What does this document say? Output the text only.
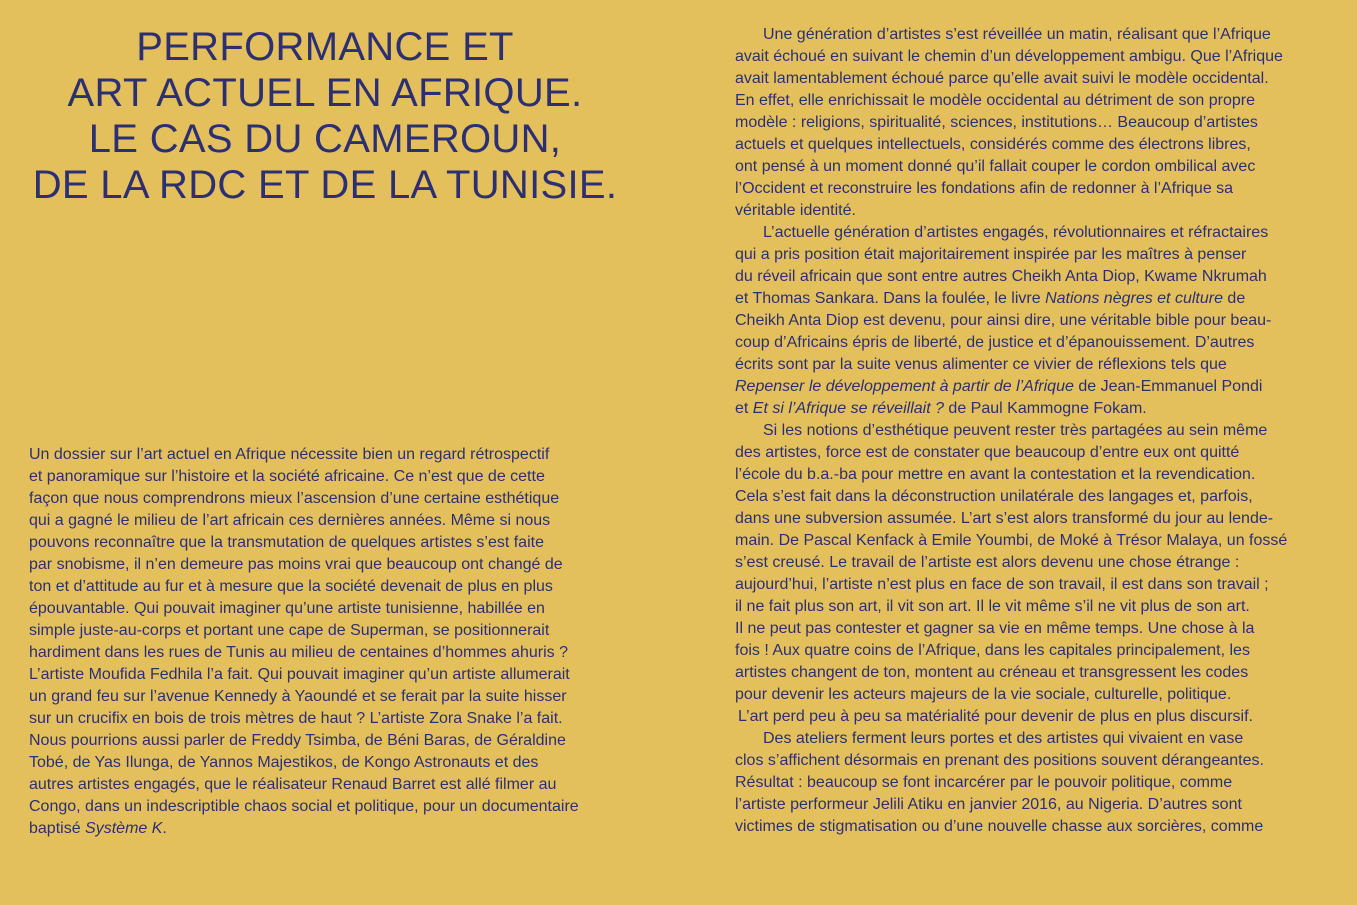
PERFORMANCE ET
ART ACTUEL EN AFRIQUE.
LE CAS DU CAMEROUN,
DE LA RDC ET DE LA TUNISIE.
Un dossier sur l’art actuel en Afrique nécessite bien un regard rétrospectif
et panoramique sur l’histoire et la société africaine. Ce n’est que de cette
façon que nous comprendrons mieux l’ascension d’une certaine esthétique
qui a gagné le milieu de l’art africain ces dernières années. Même si nous
pouvons reconnaître que la transmutation de quelques artistes s’est faite
par snobisme, il n’en demeure pas moins vrai que beaucoup ont changé de
ton et d’attitude au fur et à mesure que la société devenait de plus en plus
épouvantable. Qui pouvait imaginer qu’une artiste tunisienne, habillée en
simple juste-au-corps et portant une cape de Superman, se positionnerait
hardiment dans les rues de Tunis au milieu de centaines d’hommes ahuris ?
L’artiste Moufida Fedhila l’a fait. Qui pouvait imaginer qu’un artiste allumerait
un grand feu sur l’avenue Kennedy à Yaoundé et se ferait par la suite hisser
sur un crucifix en bois de trois mètres de haut ? L’artiste Zora Snake l’a fait.
Nous pourrions aussi parler de Freddy Tsimba, de Béni Baras, de Géraldine
Tobé, de Yas Ilunga, de Yannos Majestikos, de Kongo Astronauts et des
autres artistes engagés, que le réalisateur Renaud Barret est allé filmer au
Congo, dans un indescriptible chaos social et politique, pour un documentaire
baptisé Système K.
Une génération d’artistes s’est réveillée un matin, réalisant que l’Afrique
avait échoué en suivant le chemin d’un développement ambigu. Que l’Afrique
avait lamentablement échoué parce qu’elle avait suivi le modèle occidental.
En effet, elle enrichissait le modèle occidental au détriment de son propre
modèle : religions, spiritualité, sciences, institutions… Beaucoup d’artistes
actuels et quelques intellectuels, considérés comme des électrons libres,
ont pensé à un moment donné qu’il fallait couper le cordon ombilical avec
l’Occident et reconstruire les fondations afin de redonner à l’Afrique sa
véritable identité.
L’actuelle génération d’artistes engagés, révolutionnaires et réfractaires
qui a pris position était majoritairement inspirée par les maîtres à penser
du réveil africain que sont entre autres Cheikh Anta Diop, Kwame Nkrumah
et Thomas Sankara. Dans la foulée, le livre Nations nègres et culture de
Cheikh Anta Diop est devenu, pour ainsi dire, une véritable bible pour beau-
coup d’Africains épris de liberté, de justice et d’épanouissement. D’autres
écrits sont par la suite venus alimenter ce vivier de réflexions tels que
Repenser le développement à partir de l’Afrique de Jean-Emmanuel Pondi
et Et si l’Afrique se réveillait ? de Paul Kammogne Fokam.
Si les notions d’esthétique peuvent rester très partagées au sein même
des artistes, force est de constater que beaucoup d’entre eux ont quitté
l’école du b.a.-ba pour mettre en avant la contestation et la revendication.
Cela s’est fait dans la déconstruction unilatérale des langages et, parfois,
dans une subversion assumée. L’art s’est alors transformé du jour au lende-
main. De Pascal Kenfack à Emile Youmbi, de Moké à Trésor Malaya, un fossé
s’est creusé. Le travail de l’artiste est alors devenu une chose étrange :
aujourd’hui, l’artiste n’est plus en face de son travail, il est dans son travail ;
il ne fait plus son art, il vit son art. Il le vit même s’il ne vit plus de son art.
Il ne peut pas contester et gagner sa vie en même temps. Une chose à la
fois ! Aux quatre coins de l’Afrique, dans les capitales principalement, les
artistes changent de ton, montent au créneau et transgressent les codes
pour devenir les acteurs majeurs de la vie sociale, culturelle, politique.
L’art perd peu à peu sa matérialité pour devenir de plus en plus discursif.
Des ateliers ferment leurs portes et des artistes qui vivaient en vase
clos s’affichent désormais en prenant des positions souvent dérangeantes.
Résultat : beaucoup se font incarcérer par le pouvoir politique, comme
l’artiste performeur Jelili Atiku en janvier 2016, au Nigeria. D’autres sont
victimes de stigmatisation ou d’une nouvelle chasse aux sorcières, comme
